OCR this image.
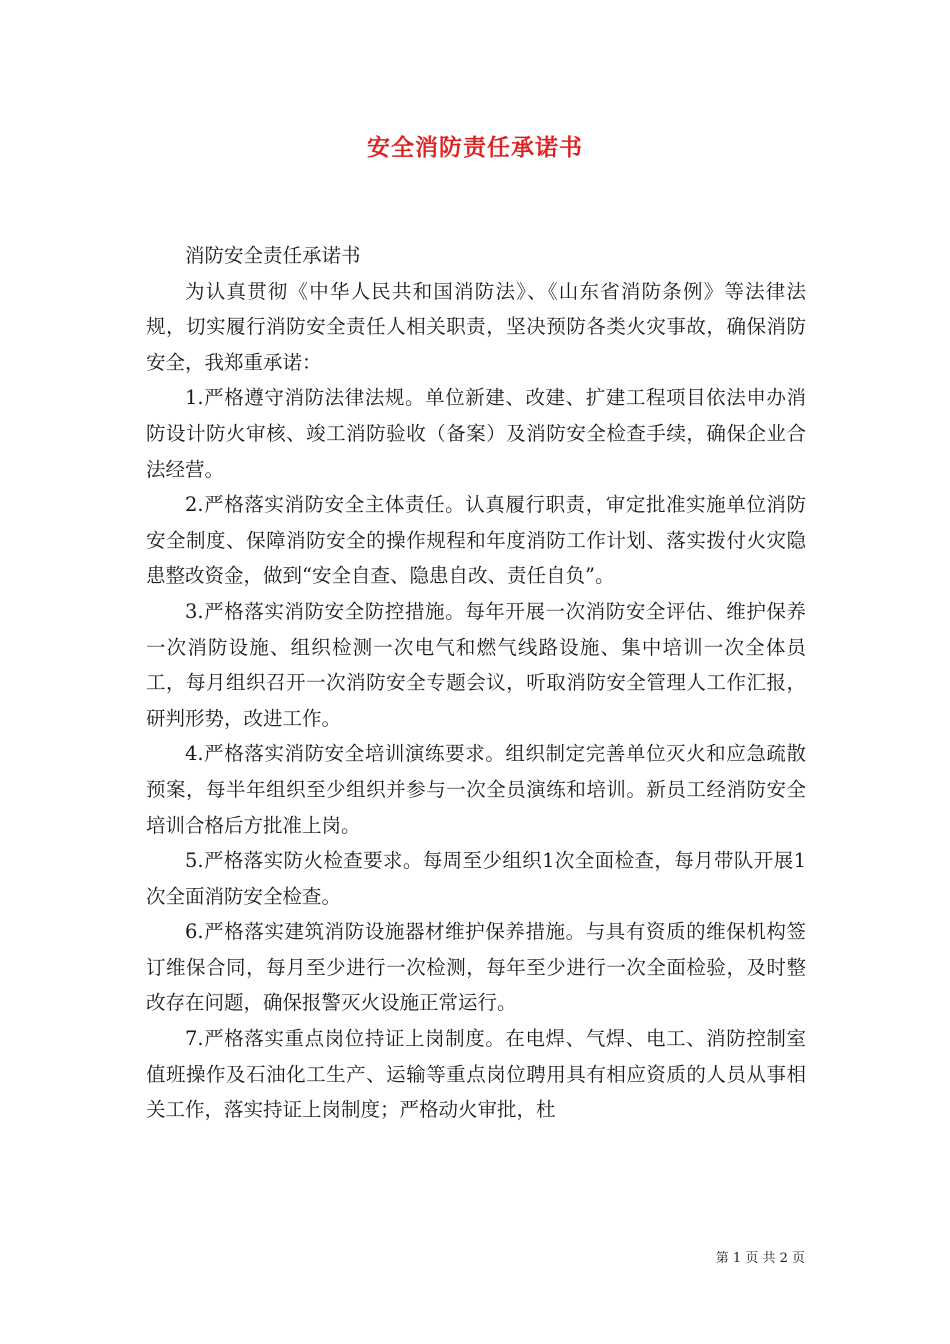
安全消防责任承诺书

消防安全责任承诺书

为认真贯彻《中华人民共和国消防法》、《山东省消防条例》等法律法规，切实履行消防安全责任人相关职责，坚决预防各类火灾事故，确保消防安全，我郑重承诺：

1.严格遵守消防法律法规。单位新建、改建、扩建工程项目依法申办消防设计防火审核、竣工消防验收（备案）及消防安全检查手续，确保企业合法经营。

2.严格落实消防安全主体责任。认真履行职责，审定批准实施单位消防安全制度、保障消防安全的操作规程和年度消防工作计划、落实拨付火灾隐患整改资金，做到“安全自查、隐患自改、责任自负”。

3.严格落实消防安全防控措施。每年开展一次消防安全评估、维护保养一次消防设施、组织检测一次电气和燃气线路设施、集中培训一次全体员工，每月组织召开一次消防安全专题会议，听取消防安全管理人工作汇报，研判形势，改进工作。

4.严格落实消防安全培训演练要求。组织制定完善单位灭火和应急疏散预案，每半年组织至少组织并参与一次全员演练和培训。新员工经消防安全培训合格后方批准上岗。

5.严格落实防火检查要求。每周至少组织1次全面检查，每月带队开展1次全面消防安全检查。

6.严格落实建筑消防设施器材维护保养措施。与具有资质的维保机构签订维保合同，每月至少进行一次检测，每年至少进行一次全面检验，及时整改存在问题，确保报警灭火设施正常运行。

7.严格落实重点岗位持证上岗制度。在电焊、气焊、电工、消防控制室值班操作及石油化工生产、运输等重点岗位聘用具有相应资质的人员从事相关工作，落实持证上岗制度；严格动火审批，杜

第 1 页 共 2 页
